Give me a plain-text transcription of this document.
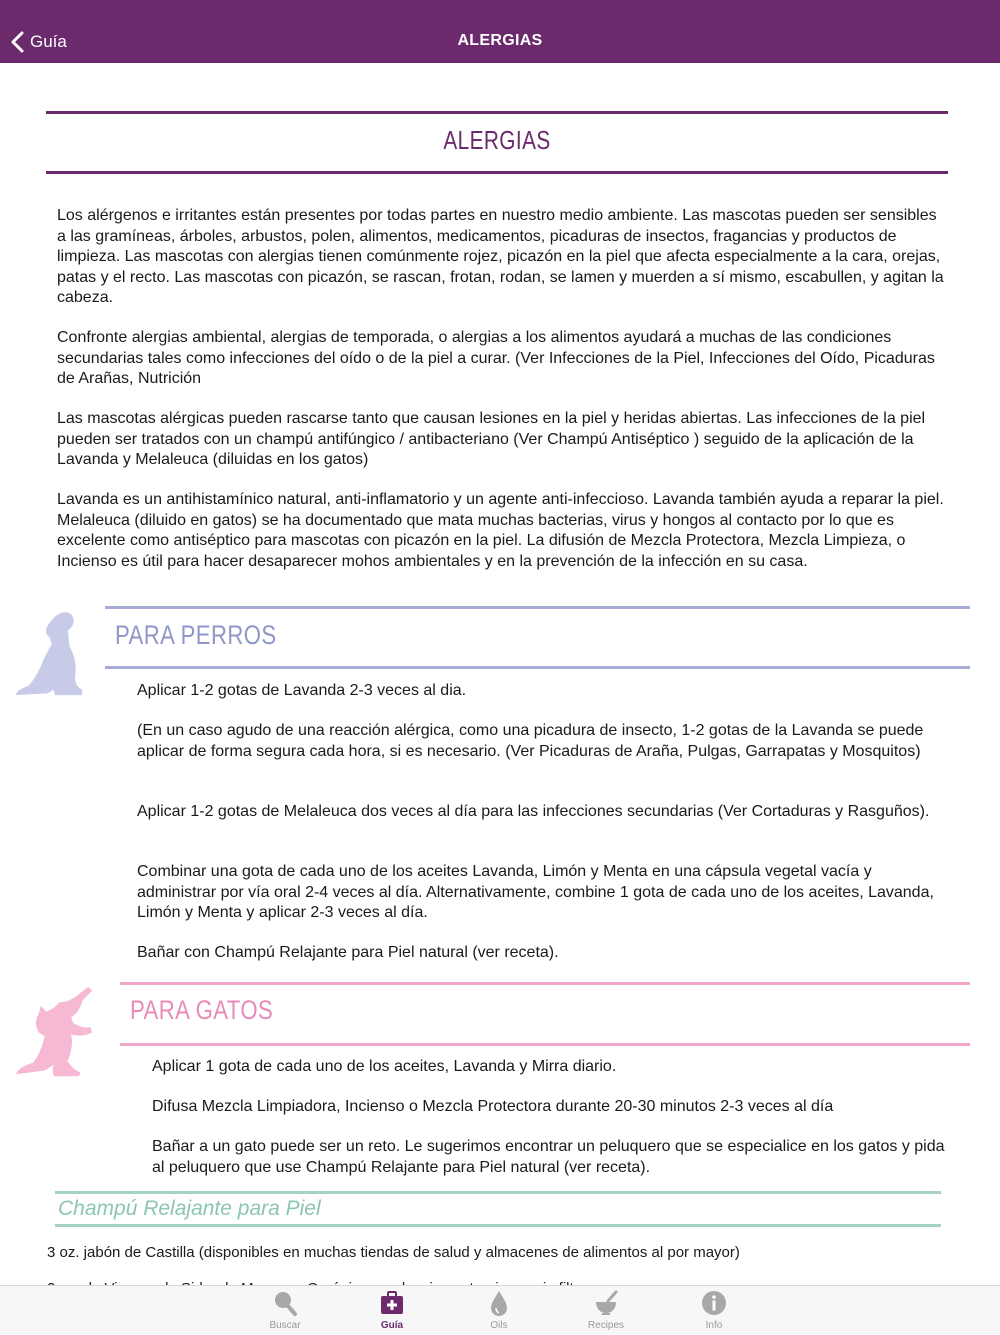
Guía	ALERGIAS
ALERGIAS
Los alérgenos e irritantes están presentes por todas partes en nuestro medio ambiente. Las mascotas pueden ser sensibles a las gramíneas, árboles, arbustos, polen, alimentos, medicamentos, picaduras de insectos, fragancias y productos de limpieza. Las mascotas con alergias tienen comúnmente rojez, picazón en la piel que afecta especialmente a la cara, orejas, patas y el recto. Las mascotas con picazón, se rascan, frotan, rodan, se lamen y muerden a sí mismo, escabullen, y agitan la cabeza.
Confronte alergias ambiental, alergias de temporada, o alergias a los alimentos ayudará a muchas de las condiciones secundarias tales como infecciones del oído o de la piel a curar. (Ver Infecciones de la Piel, Infecciones del Oído, Picaduras de Arañas, Nutrición
Las mascotas alérgicas pueden rascarse tanto que causan lesiones en la piel y heridas abiertas. Las infecciones de la piel pueden ser tratados con un champú antifúngico / antibacteriano (Ver Champú Antiséptico ) seguido de la aplicación de la Lavanda y Melaleuca (diluidas en los gatos)
Lavanda es un antihistamínico natural, anti-inflamatorio y un agente anti-infeccioso. Lavanda también ayuda a reparar la piel. Melaleuca (diluido en gatos) se ha documentado que mata muchas bacterias, virus y hongos al contacto por lo que es excelente como antiséptico para mascotas con picazón en la piel. La difusión de Mezcla Protectora, Mezcla Limpieza, o Incienso es útil para hacer desaparecer mohos ambientales y en la prevención de la infección en su casa.
PARA PERROS
Aplicar 1-2 gotas de Lavanda 2-3 veces al dia.
(En un caso agudo de una reacción alérgica, como una picadura de insecto, 1-2 gotas de la Lavanda se puede aplicar de forma segura cada hora, si es necesario. (Ver Picaduras de Araña, Pulgas, Garrapatas y Mosquitos)
Aplicar 1-2 gotas de Melaleuca dos veces al día para las infecciones secundarias (Ver Cortaduras y Rasguños).
Combinar una gota de cada uno de los aceites Lavanda, Limón y Menta en una cápsula vegetal vacía y administrar por vía oral 2-4 veces al día. Alternativamente, combine 1 gota de cada uno de los aceites, Lavanda, Limón y Menta y aplicar 2-3 veces al día.
Bañar con Champú Relajante para Piel natural (ver receta).
PARA GATOS
Aplicar 1 gota de cada uno de los aceites, Lavanda y Mirra diario.
Difusa Mezcla Limpiadora, Incienso o Mezcla Protectora durante 20-30 minutos 2-3 veces al día
Bañar a un gato puede ser un reto. Le sugerimos encontrar un peluquero que se especialice en los gatos y pida al peluquero que use Champú Relajante para Piel natural (ver receta).
Champú Relajante para Piel
3 oz. jabón de Castilla (disponibles en muchas tiendas de salud y almacenes de alimentos al por mayor)
Buscar	Guía	Oils	Recipes	Info
